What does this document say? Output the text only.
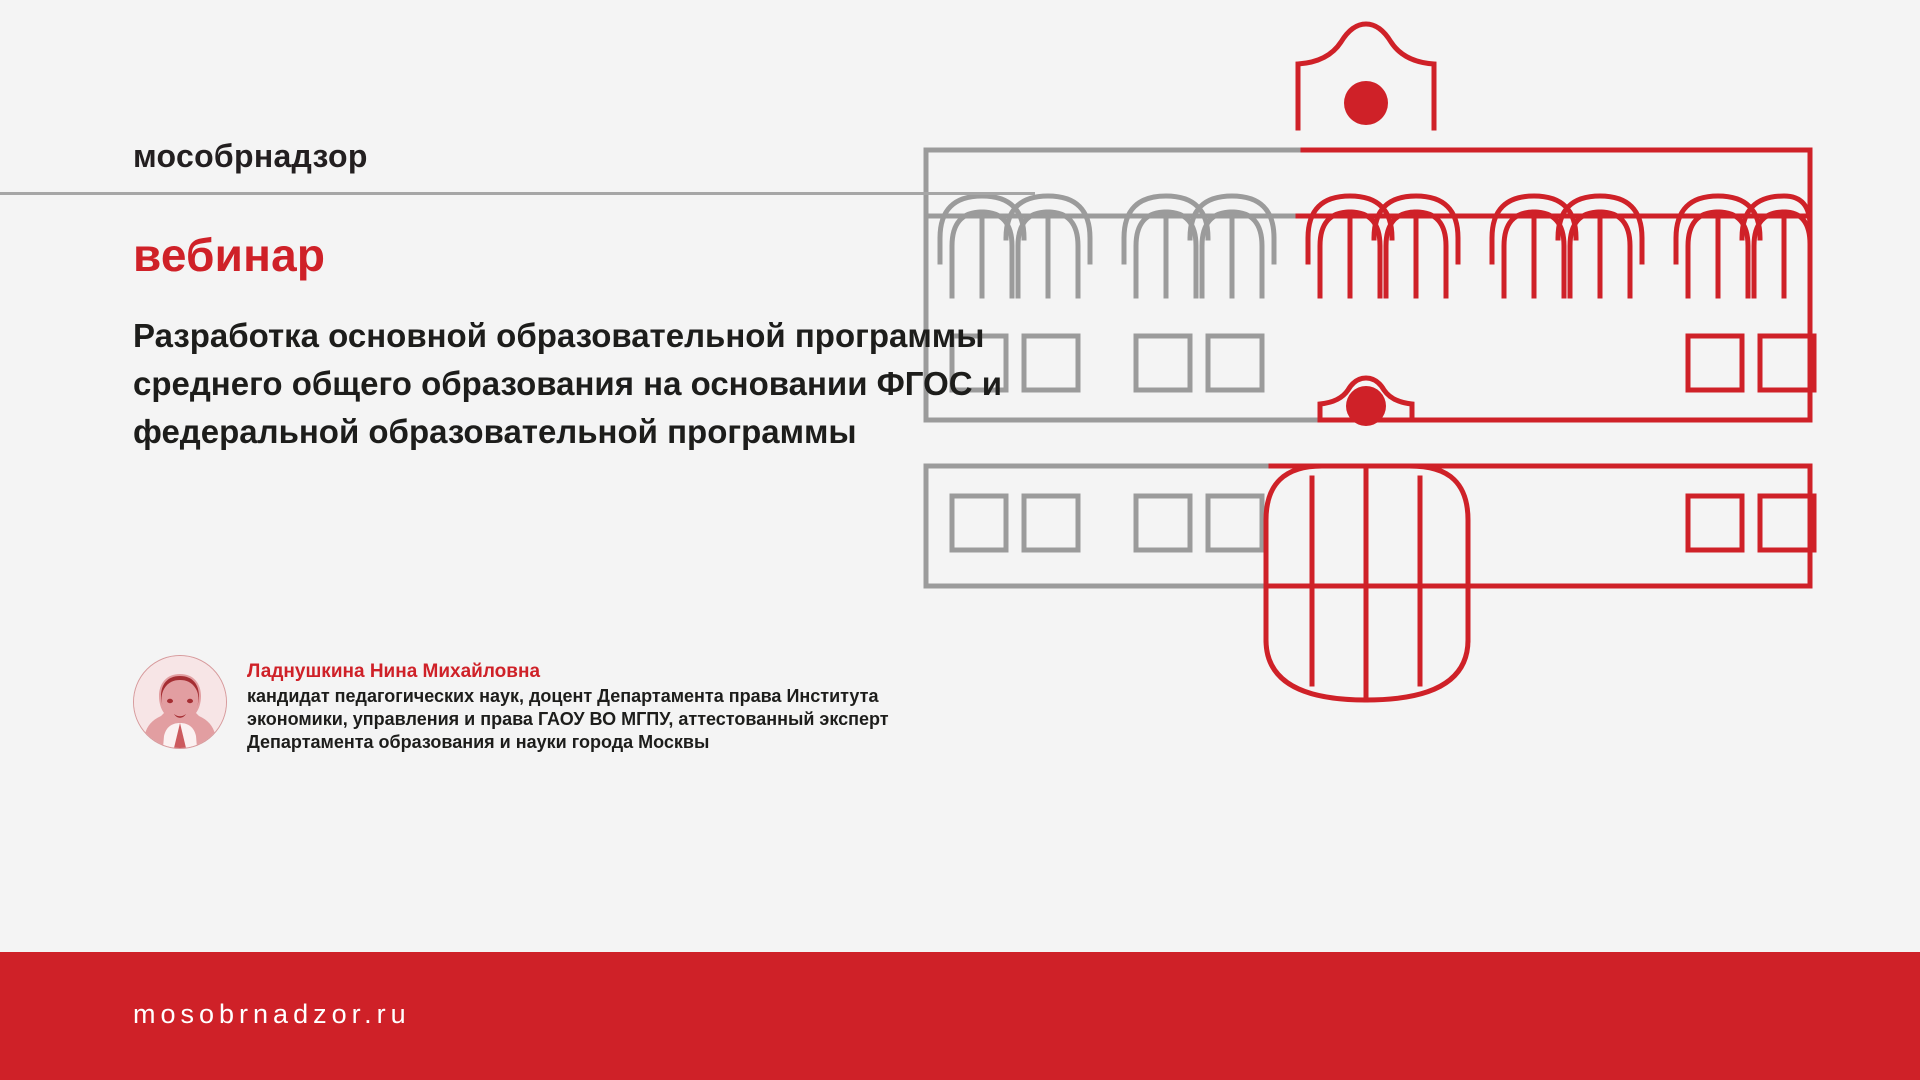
мособрнадзор
вебинар
Разработка основной образовательной программы среднего общего образования на основании ФГОС и федеральной образовательной программы
Ладнушкина Нина Михайловна
кандидат педагогических наук, доцент Департамента права Института экономики, управления и права ГАОУ ВО МГПУ, аттестованный эксперт Департамента образования и науки города Москвы
mosobrnadzor.ru
